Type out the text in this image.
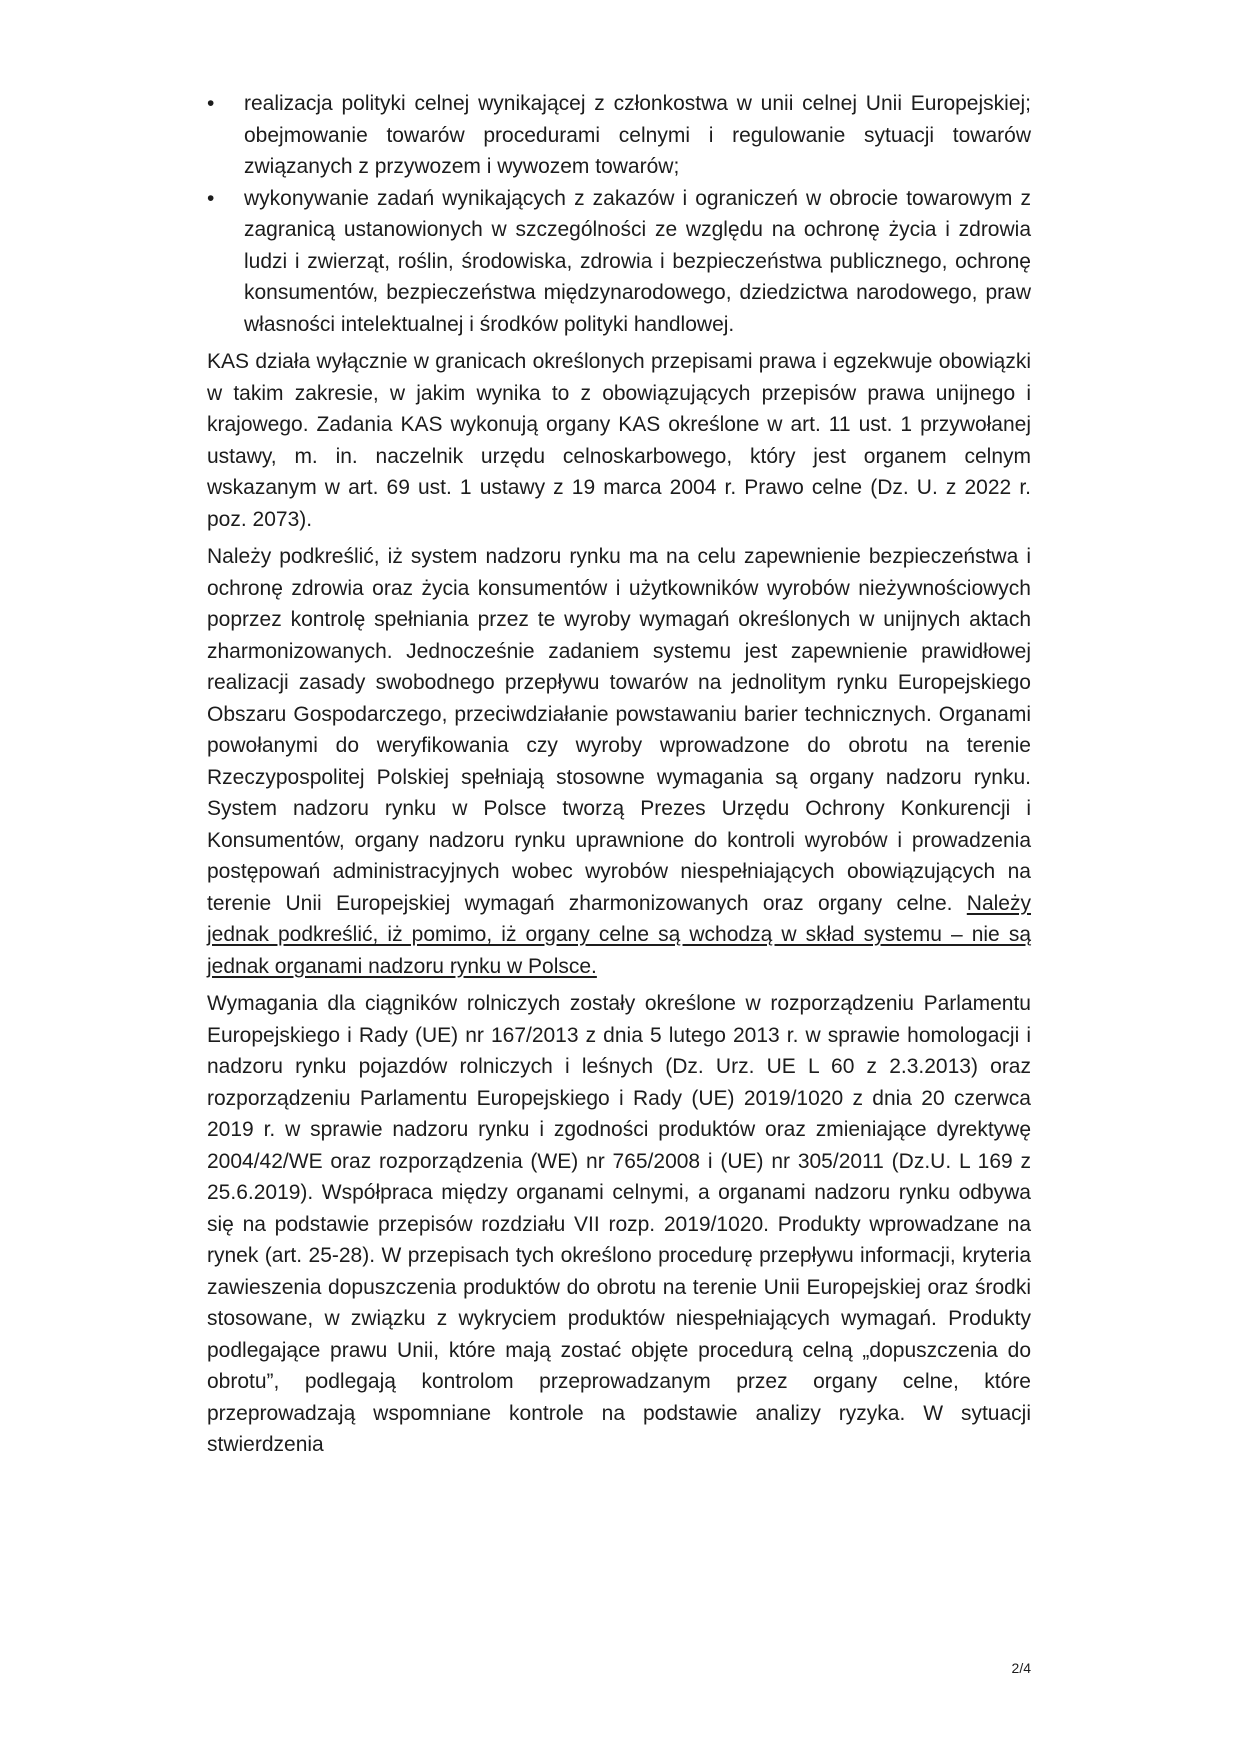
•	realizacja polityki celnej wynikającej z członkostwa w unii celnej Unii Europejskiej; obejmowanie towarów procedurami celnymi i regulowanie sytuacji towarów związanych z przywozem i wywozem towarów;
•	wykonywanie zadań wynikających z zakazów i ograniczeń w obrocie towarowym z zagranicą ustanowionych w szczególności ze względu na ochronę życia i zdrowia ludzi i zwierząt, roślin, środowiska, zdrowia i bezpieczeństwa publicznego, ochronę konsumentów, bezpieczeństwa międzynarodowego, dziedzictwa narodowego, praw własności intelektualnej i środków polityki handlowej.

KAS działa wyłącznie w granicach określonych przepisami prawa i egzekwuje obowiązki w takim zakresie, w jakim wynika to z obowiązujących przepisów prawa unijnego i krajowego. Zadania KAS wykonują organy KAS określone w art. 11 ust. 1 przywołanej ustawy, m. in. naczelnik urzędu celnoskarbowego, który jest organem celnym wskazanym w art. 69 ust. 1 ustawy z 19 marca 2004 r. Prawo celne (Dz. U. z 2022 r. poz. 2073).

Należy podkreślić, iż system nadzoru rynku ma na celu zapewnienie bezpieczeństwa i ochronę zdrowia oraz życia konsumentów i użytkowników wyrobów nieżywnościowych poprzez kontrolę spełniania przez te wyroby wymagań określonych w unijnych aktach zharmonizowanych. Jednocześnie zadaniem systemu jest zapewnienie prawidłowej realizacji zasady swobodnego przepływu towarów na jednolitym rynku Europejskiego Obszaru Gospodarczego, przeciwdziałanie powstawaniu barier technicznych. Organami powołanymi do weryfikowania czy wyroby wprowadzone do obrotu na terenie Rzeczypospolitej Polskiej spełniają stosowne wymagania są organy nadzoru rynku. System nadzoru rynku w Polsce tworzą Prezes Urzędu Ochrony Konkurencji i Konsumentów, organy nadzoru rynku uprawnione do kontroli wyrobów i prowadzenia postępowań administracyjnych wobec wyrobów niespełniających obowiązujących na terenie Unii Europejskiej wymagań zharmonizowanych oraz organy celne. Należy jednak podkreślić, iż pomimo, iż organy celne są wchodzą w skład systemu – nie są jednak organami nadzoru rynku w Polsce.

Wymagania dla ciągników rolniczych zostały określone w rozporządzeniu Parlamentu Europejskiego i Rady (UE) nr 167/2013 z dnia 5 lutego 2013 r. w sprawie homologacji i nadzoru rynku pojazdów rolniczych i leśnych (Dz. Urz. UE L 60 z 2.3.2013) oraz rozporządzeniu Parlamentu Europejskiego i Rady (UE) 2019/1020 z dnia 20 czerwca 2019 r. w sprawie nadzoru rynku i zgodności produktów oraz zmieniające dyrektywę 2004/42/WE oraz rozporządzenia (WE) nr 765/2008 i (UE) nr 305/2011 (Dz.U. L 169 z 25.6.2019). Współpraca między organami celnymi, a organami nadzoru rynku odbywa się na podstawie przepisów rozdziału VII rozp. 2019/1020. Produkty wprowadzane na rynek (art. 25-28). W przepisach tych określono procedurę przepływu informacji, kryteria zawieszenia dopuszczenia produktów do obrotu na terenie Unii Europejskiej oraz środki stosowane, w związku z wykryciem produktów niespełniających wymagań. Produkty podlegające prawu Unii, które mają zostać objęte procedurą celną „dopuszczenia do obrotu”, podlegają kontrolom przeprowadzanym przez organy celne, które przeprowadzają wspomniane kontrole na podstawie analizy ryzyka. W sytuacji stwierdzenia

2/4
